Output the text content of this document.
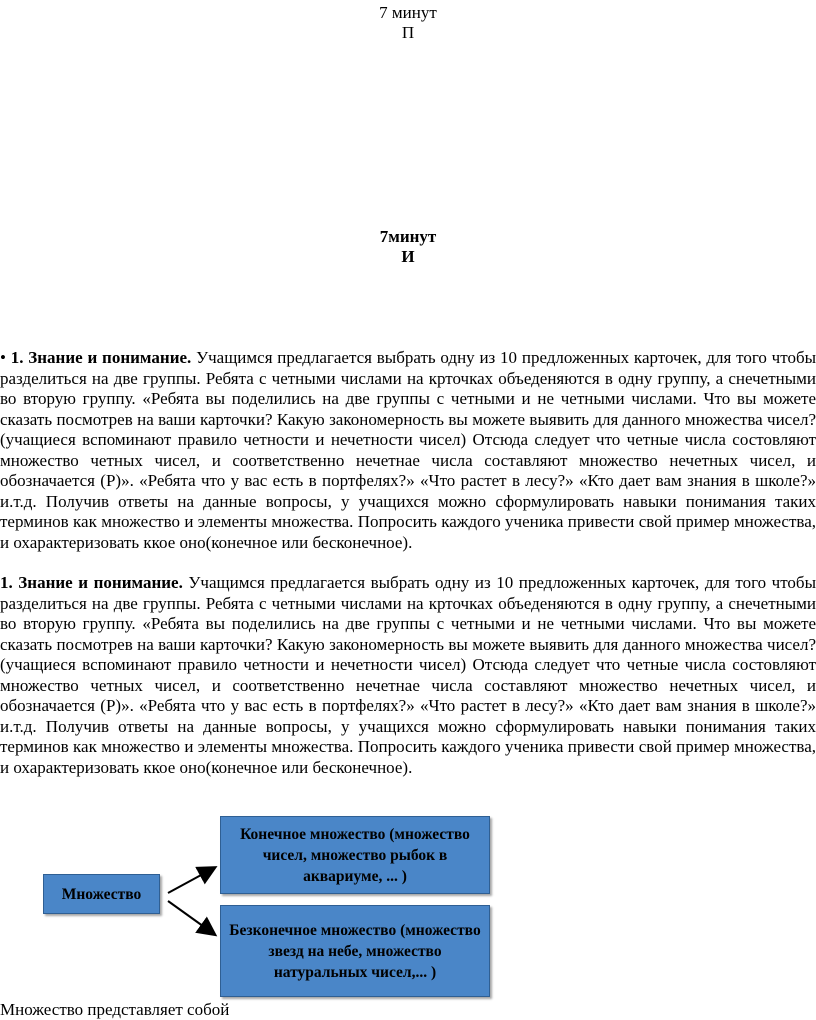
7 минут
П
7минут
И

• 1. Знание и понимание. Учащимся предлагается выбрать одну из 10 предложенных карточек, для того чтобы разделиться на две группы. Ребята с четными числами на крточках объеденяются в одну группу, а снечетными во вторую группу. «Ребята вы поделились на две группы с четными и не четными числами. Что вы можете сказать посмотрев на ваши карточки? Какую закономерность вы можете выявить для данного множества чисел? (учащиеся вспоминают правило четности и нечетности чисел) Отсюда следует что четные числа состовляют множество четных чисел, и соответственно нечетнае числа составляют множество нечетных чисел, и обозначается (Р)». «Ребята что у вас есть в портфелях?» «Что растет в лесу?» «Кто дает вам знания в школе?» и.т.д. Получив ответы на данные вопросы, у учащихся можно сформулировать навыки понимания таких терминов как множество и элементы множества. Попросить каждого ученика привести свой пример множества, и охарактеризовать ккое оно(конечное или бесконечное).

1. Знание и понимание. Учащимся предлагается выбрать одну из 10 предложенных карточек, для того чтобы разделиться на две группы. Ребята с четными числами на крточках объеденяются в одну группу, а снечетными во вторую группу. «Ребята вы поделились на две группы с четными и не четными числами. Что вы можете сказать посмотрев на ваши карточки? Какую закономерность вы можете выявить для данного множества чисел? (учащиеся вспоминают правило четности и нечетности чисел) Отсюда следует что четные числа состовляют множество четных чисел, и соответственно нечетнае числа составляют множество нечетных чисел, и обозначается (Р)». «Ребята что у вас есть в портфелях?» «Что растет в лесу?» «Кто дает вам знания в школе?» и.т.д. Получив ответы на данные вопросы, у учащихся можно сформулировать навыки понимания таких терминов как множество и элементы множества. Попросить каждого ученика привести свой пример множества, и охарактеризовать ккое оно(конечное или бесконечное).

Множество
Конечное множество (множество чисел, множество рыбок в аквариуме, ... )
Безконечное множество (множество звезд на небе, множество натуральных чисел,... )
Множество представляет собой
